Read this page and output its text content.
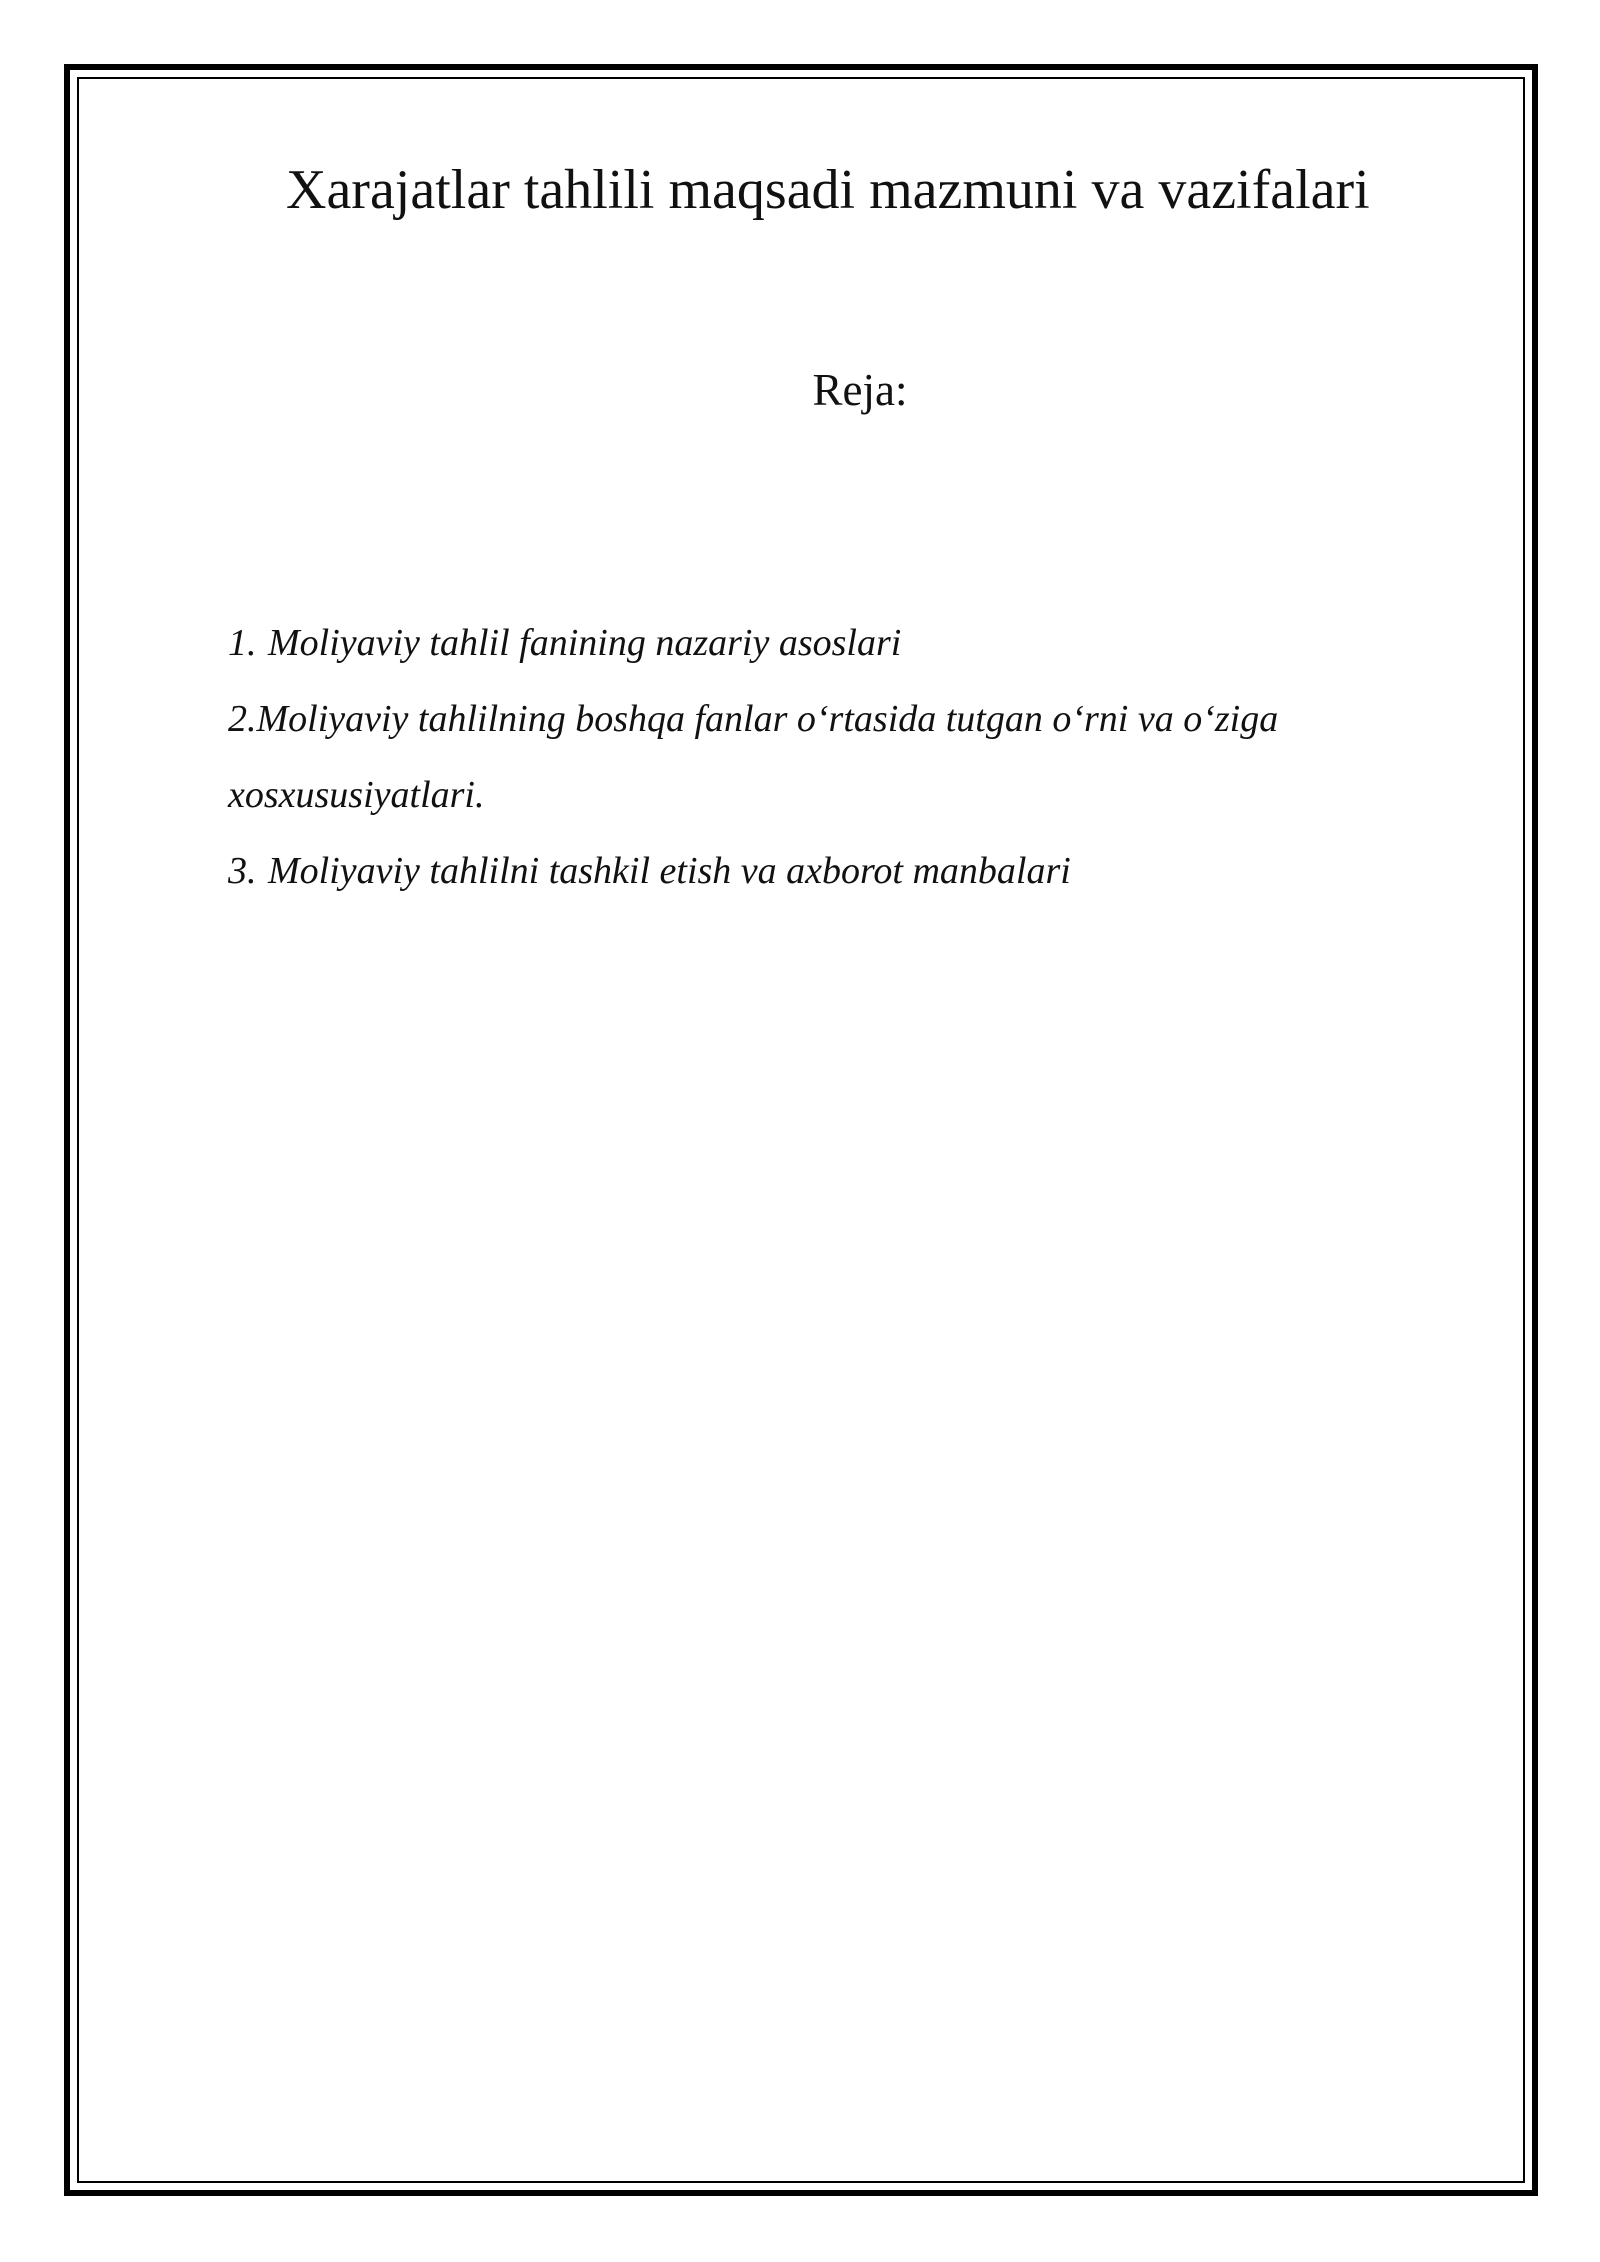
Xarajatlar tahlili maqsadi mazmuni va vazifalari
Reja:
1. Moliyaviy tahlil fanining nazariy asoslari
2.Moliyaviy tahlilning boshqa fanlar o‘rtasida tutgan o‘rni va o‘ziga xosxususiyatlari.
3. Moliyaviy tahlilni tashkil etish va axborot manbalari
